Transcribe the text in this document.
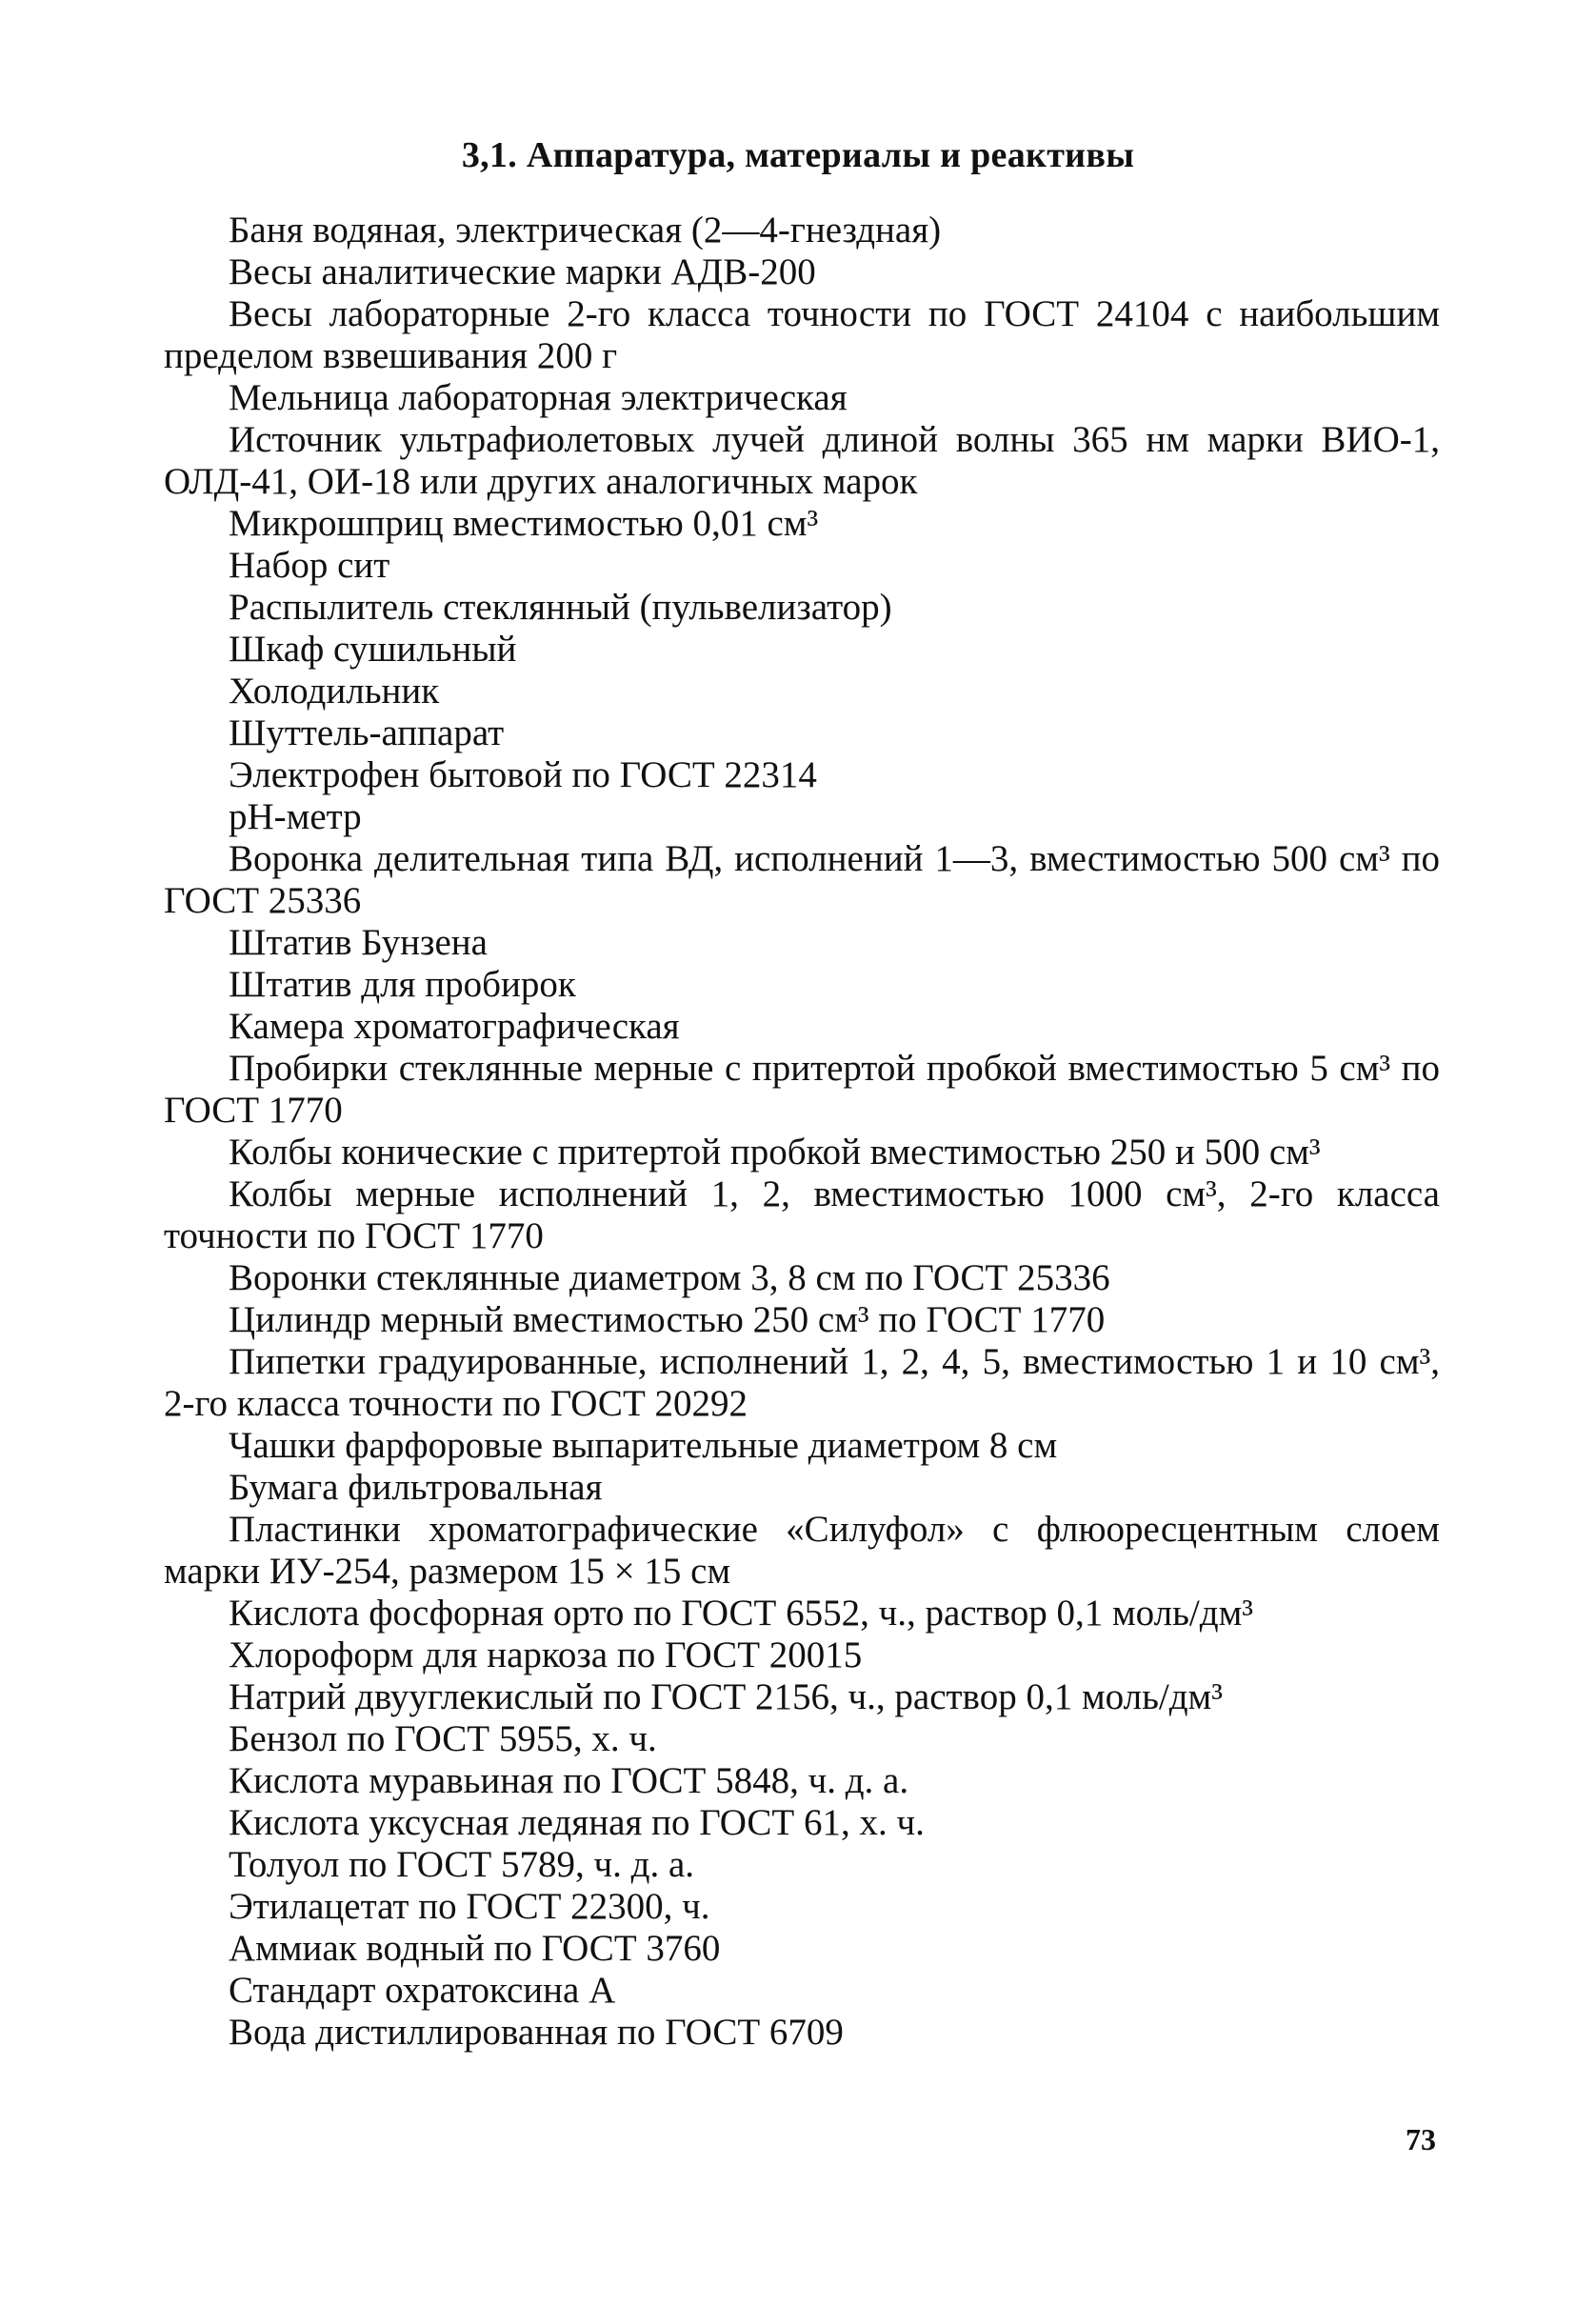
3,1. Аппаратура, материалы и реактивы
Баня водяная, электрическая (2—4-гнездная)
Весы аналитические марки АДВ-200
Весы лабораторные 2-го класса точности по ГОСТ 24104 с наибольшим пределом взвешивания 200 г
Мельница лабораторная электрическая
Источник ультрафиолетовых лучей длиной волны 365 нм марки ВИО-1, ОЛД-41, ОИ-18 или других аналогичных марок
Микрошприц вместимостью 0,01 см³
Набор сит
Распылитель стеклянный (пульвелизатор)
Шкаф сушильный
Холодильник
Шуттель-аппарат
Электрофен бытовой по ГОСТ 22314
pH-метр
Воронка делительная типа ВД, исполнений 1—3, вместимостью 500 см³ по ГОСТ 25336
Штатив Бунзена
Штатив для пробирок
Камера хроматографическая
Пробирки стеклянные мерные с притертой пробкой вместимостью 5 см³ по ГОСТ 1770
Колбы конические с притертой пробкой вместимостью 250 и 500 см³
Колбы мерные исполнений 1, 2, вместимостью 1000 см³, 2-го класса точности по ГОСТ 1770
Воронки стеклянные диаметром 3, 8 см по ГОСТ 25336
Цилиндр мерный вместимостью 250 см³ по ГОСТ 1770
Пипетки градуированные, исполнений 1, 2, 4, 5, вместимостью 1 и 10 см³, 2-го класса точности по ГОСТ 20292
Чашки фарфоровые выпарительные диаметром 8 см
Бумага фильтровальная
Пластинки хроматографические «Силуфол» с флюоресцентным слоем марки ИУ-254, размером 15 × 15 см
Кислота фосфорная орто по ГОСТ 6552, ч., раствор 0,1 моль/дм³
Хлороформ для наркоза по ГОСТ 20015
Натрий двууглекислый по ГОСТ 2156, ч., раствор 0,1 моль/дм³
Бензол по ГОСТ 5955, х. ч.
Кислота муравьиная по ГОСТ 5848, ч. д. а.
Кислота уксусная ледяная по ГОСТ 61, х. ч.
Толуол по ГОСТ 5789, ч. д. а.
Этилацетат по ГОСТ 22300, ч.
Аммиак водный по ГОСТ 3760
Стандарт охратоксина А
Вода дистиллированная по ГОСТ 6709
73
